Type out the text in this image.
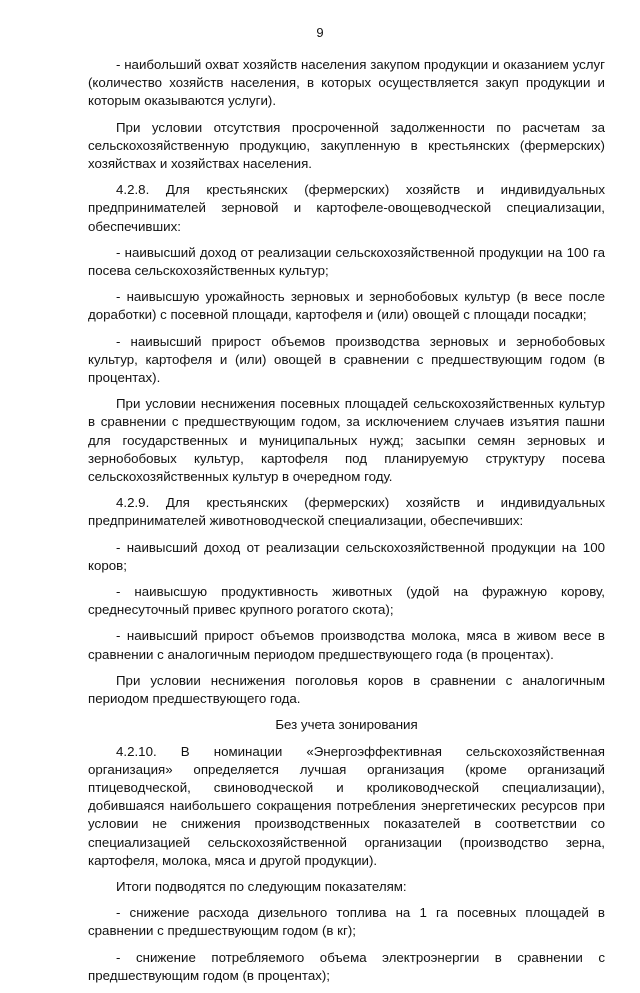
9

- наибольший охват хозяйств населения закупом продукции и оказанием услуг (количество хозяйств населения, в которых осуществляется закуп продукции и которым оказываются услуги).

При условии отсутствия просроченной задолженности по расчетам за сельскохозяйственную продукцию, закупленную в крестьянских (фермерских) хозяйствах и хозяйствах населения.

4.2.8. Для крестьянских (фермерских) хозяйств и индивидуальных предпринимателей зерновой и картофеле-овощеводческой специализации, обеспечивших:

- наивысший доход от реализации сельскохозяйственной продукции на 100 га посева сельскохозяйственных культур;

- наивысшую урожайность зерновых и зернобобовых культур (в весе после доработки) с посевной площади, картофеля и (или) овощей с площади посадки;

- наивысший прирост объемов производства зерновых и зернобобовых культур, картофеля и (или) овощей в сравнении с предшествующим годом (в процентах).

При условии неснижения посевных площадей сельскохозяйственных культур в сравнении с предшествующим годом, за исключением случаев изъятия пашни для государственных и муниципальных нужд; засыпки семян зерновых и зернобобовых культур, картофеля под планируемую структуру посева сельскохозяйственных культур в очередном году.

4.2.9. Для крестьянских (фермерских) хозяйств и индивидуальных предпринимателей животноводческой специализации, обеспечивших:

- наивысший доход от реализации сельскохозяйственной продукции на 100 коров;

- наивысшую продуктивность животных (удой на фуражную корову, среднесуточный привес крупного рогатого скота);

- наивысший прирост объемов производства молока, мяса в живом весе в сравнении с аналогичным периодом предшествующего года (в процентах).

При условии неснижения поголовья коров в сравнении с аналогичным периодом предшествующего года.

Без учета зонирования

4.2.10. В номинации «Энергоэффективная сельскохозяйственная организация» определяется лучшая организация (кроме организаций птицеводческой, свиноводческой и кролиководческой специализации), добившаяся наибольшего сокращения потребления энергетических ресурсов при условии не снижения производственных показателей в соответствии со специализацией сельскохозяйственной организации (производство зерна, картофеля, молока, мяса и другой продукции).

Итоги подводятся по следующим показателям:

- снижение расхода дизельного топлива на 1 га посевных площадей в сравнении с предшествующим годом (в кг);

- снижение потребляемого объема электроэнергии в сравнении с предшествующим годом (в процентах);
